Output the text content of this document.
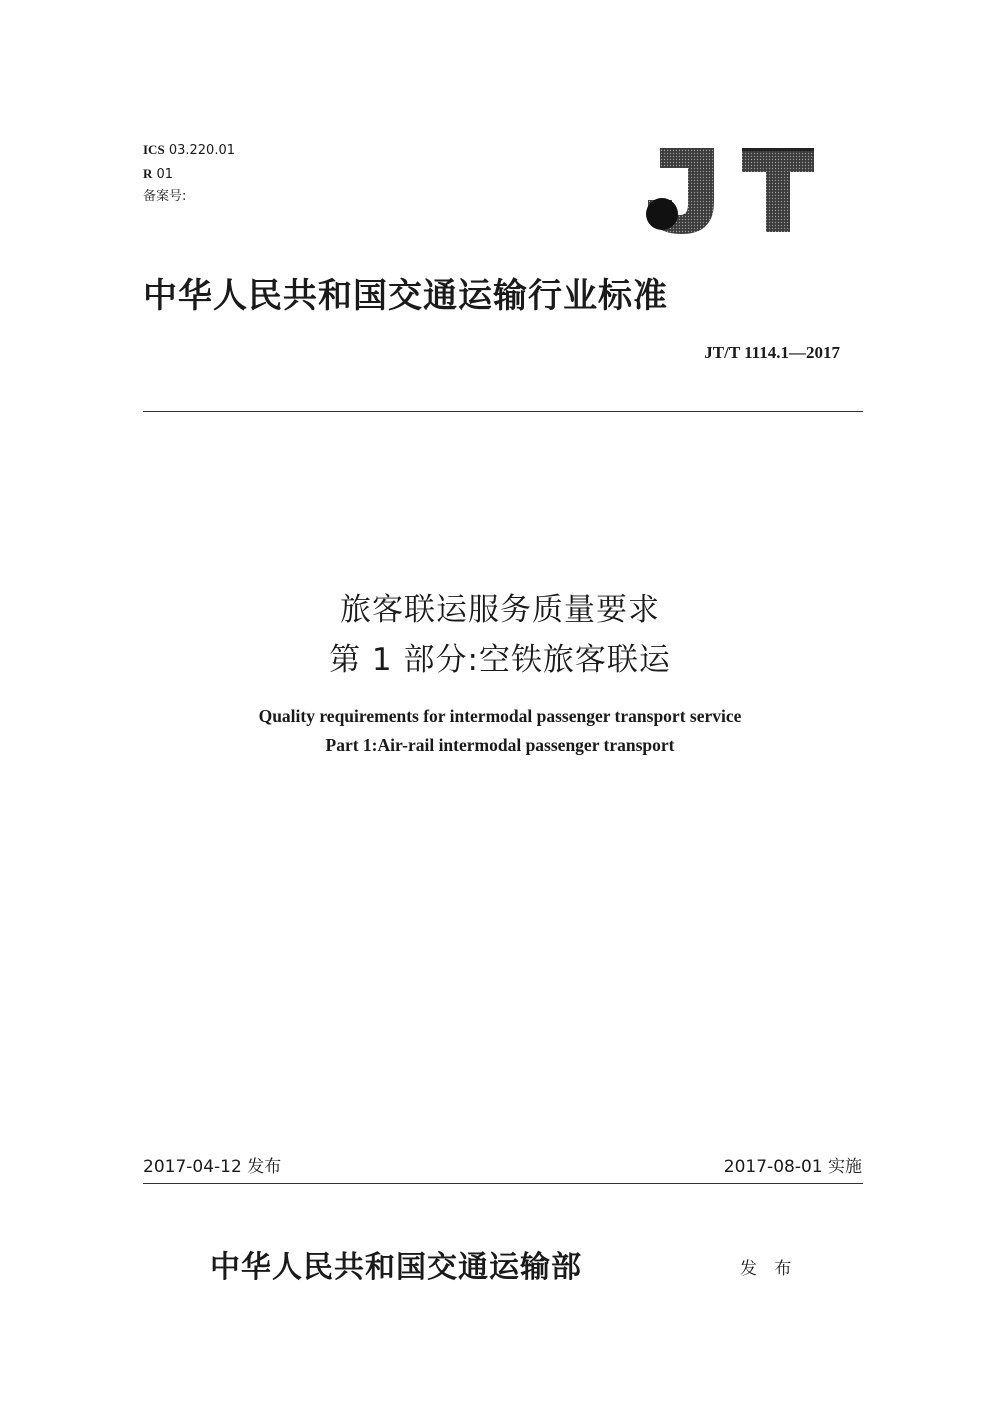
ICS 03.220.01
R 01
备案号:
中华人民共和国交通运输行业标准
JT/T 1114.1—2017
旅客联运服务质量要求
第 1 部分:空铁旅客联运
Quality requirements for intermodal passenger transport service
Part 1:Air-rail intermodal passenger transport
2017-04-12 发布	2017-08-01 实施
中华人民共和国交通运输部	发 布
